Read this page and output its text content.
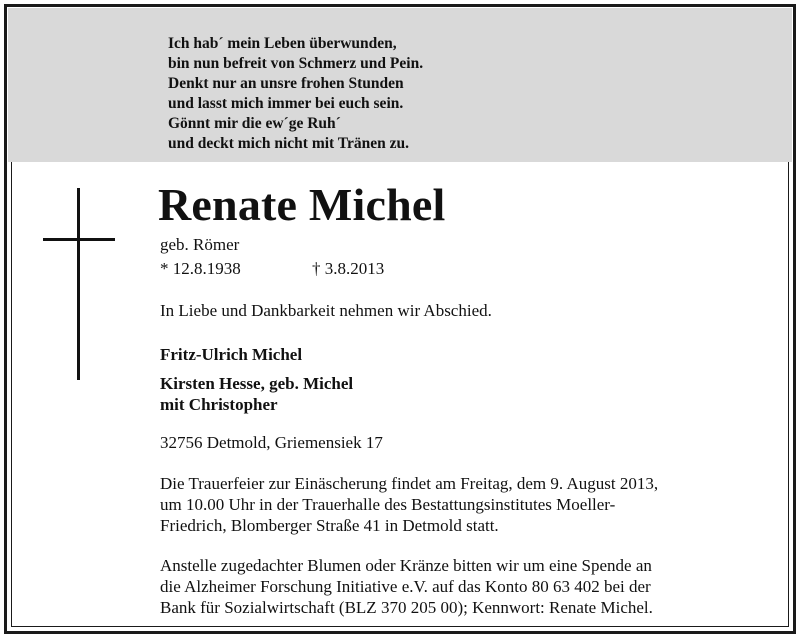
Ich hab´ mein Leben überwunden,
bin nun befreit von Schmerz und Pein.
Denkt nur an unsre frohen Stunden
und lasst mich immer bei euch sein.
Gönnt mir die ew´ge Ruh´
und deckt mich nicht mit Tränen zu.
Renate Michel
geb. Römer
* 12.8.1938	† 3.8.2013
In Liebe und Dankbarkeit nehmen wir Abschied.
Fritz-Ulrich Michel
Kirsten Hesse, geb. Michel
mit Christopher
32756 Detmold, Griemensiek 17
Die Trauerfeier zur Einäscherung findet am Freitag, dem 9. August 2013,
um 10.00 Uhr in der Trauerhalle des Bestattungsinstitutes Moeller-
Friedrich, Blomberger Straße 41 in Detmold statt.
Anstelle zugedachter Blumen oder Kränze bitten wir um eine Spende an
die Alzheimer Forschung Initiative e.V. auf das Konto 80 63 402 bei der
Bank für Sozialwirtschaft (BLZ 370 205 00); Kennwort: Renate Michel.
